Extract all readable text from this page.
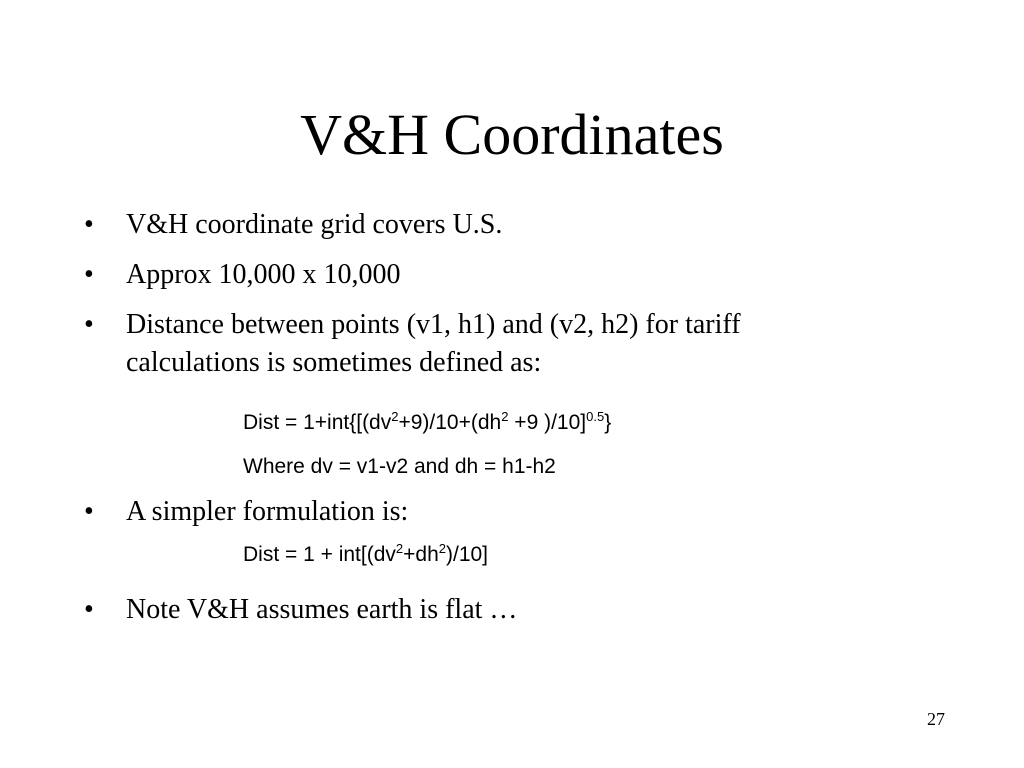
V&H Coordinates
•	V&H coordinate grid covers U.S.
•	Approx 10,000 x 10,000
•	Distance between points (v1, h1) and (v2, h2) for tariff
calculations is sometimes defined as:
Dist = $1+int\{[(dv^2+9)/10+(dh^2 +9$ )/10]$^{0.5}$}
Where dv = v1-v2 and dh = h1-h2
•	A simpler formulation is:
Dist = $1 + int[(dv^2+dh^2)/10]$
•	Note V&H assumes earth is flat …
27
